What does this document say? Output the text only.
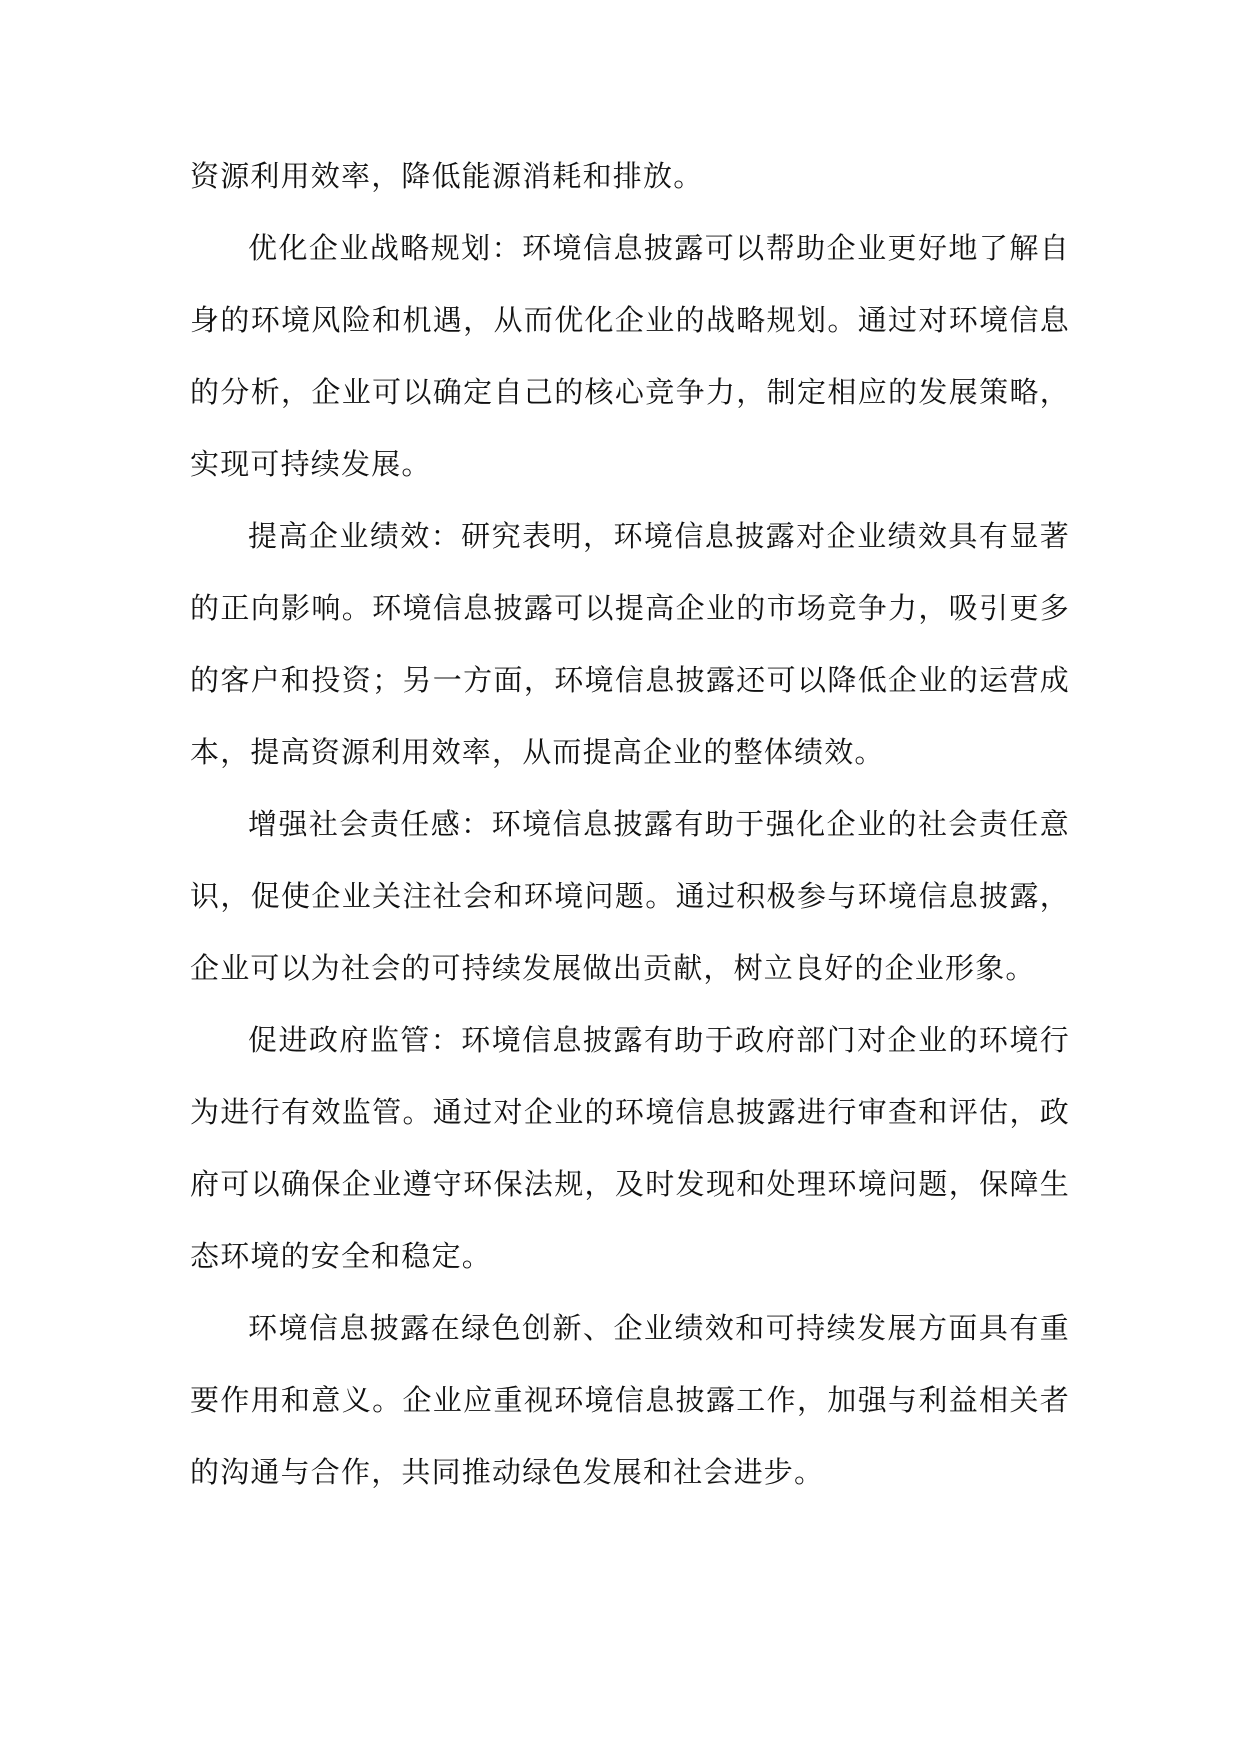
资源利用效率，降低能源消耗和排放。

优化企业战略规划：环境信息披露可以帮助企业更好地了解自身的环境风险和机遇，从而优化企业的战略规划。通过对环境信息的分析，企业可以确定自己的核心竞争力，制定相应的发展策略，实现可持续发展。

提高企业绩效：研究表明，环境信息披露对企业绩效具有显著的正向影响。环境信息披露可以提高企业的市场竞争力，吸引更多的客户和投资；另一方面，环境信息披露还可以降低企业的运营成本，提高资源利用效率，从而提高企业的整体绩效。

增强社会责任感：环境信息披露有助于强化企业的社会责任意识，促使企业关注社会和环境问题。通过积极参与环境信息披露，企业可以为社会的可持续发展做出贡献，树立良好的企业形象。

促进政府监管：环境信息披露有助于政府部门对企业的环境行为进行有效监管。通过对企业的环境信息披露进行审查和评估，政府可以确保企业遵守环保法规，及时发现和处理环境问题，保障生态环境的安全和稳定。

环境信息披露在绿色创新、企业绩效和可持续发展方面具有重要作用和意义。企业应重视环境信息披露工作，加强与利益相关者的沟通与合作，共同推动绿色发展和社会进步。
